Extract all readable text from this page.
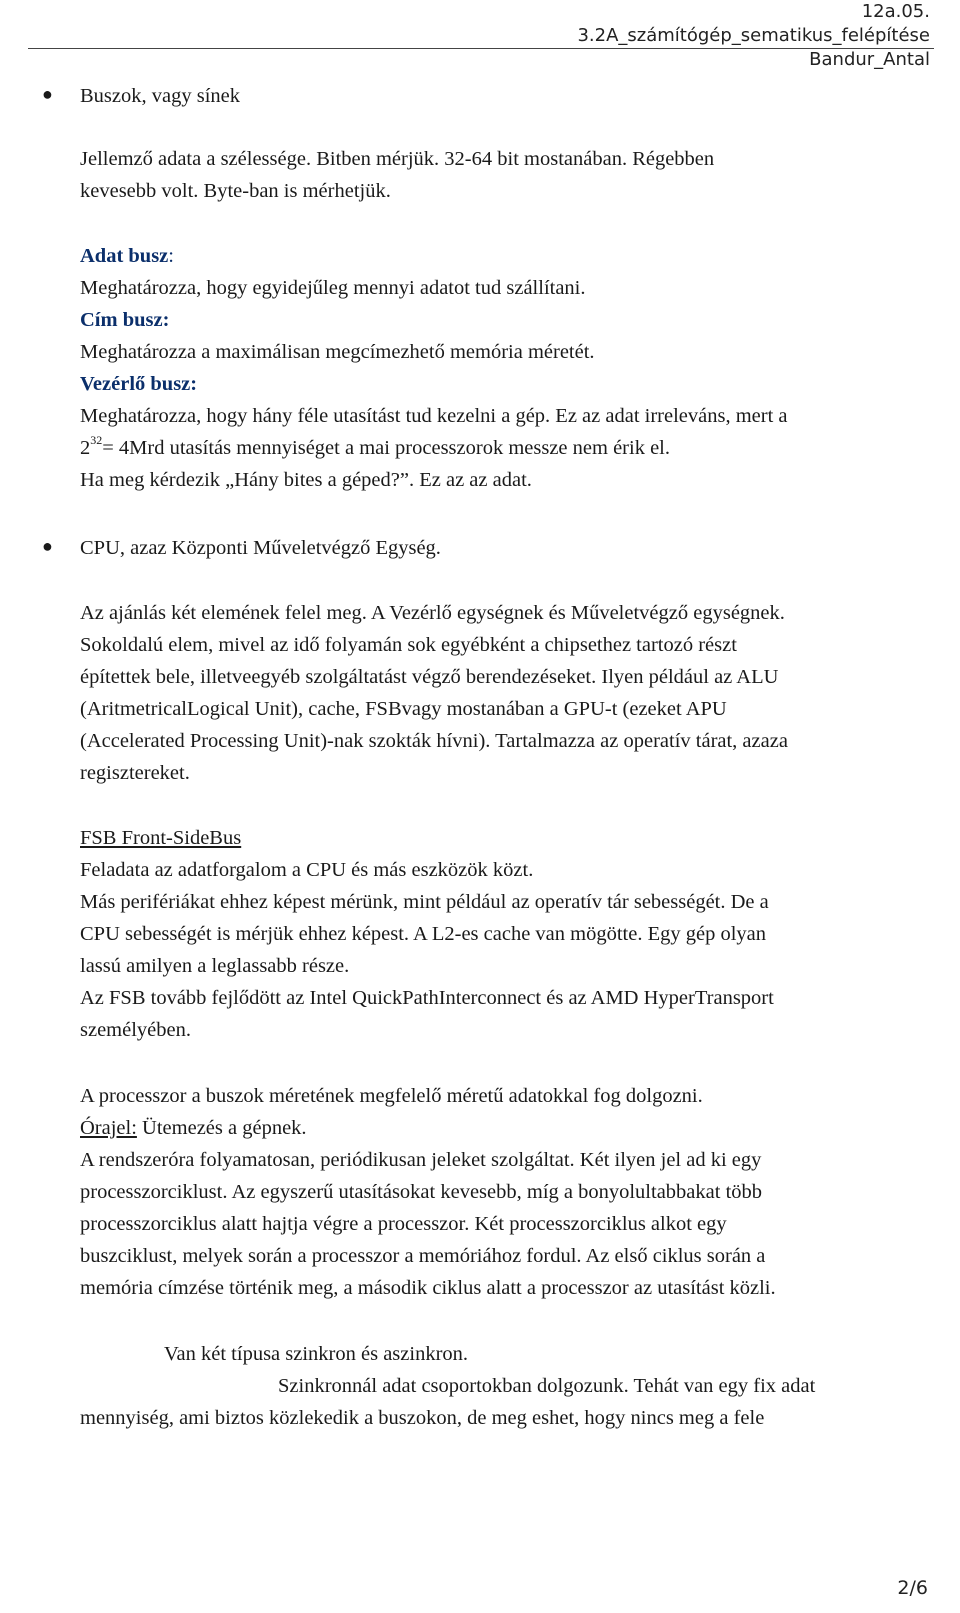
12a.05.
3.2A_számítógép_sematikus_felépítése
Bandur_Antal
● Buszok, vagy sínek
Jellemző adata a szélessége. Bitben mérjük. 32-64 bit mostanában. Régebben
kevesebb volt. Byte-ban is mérhetjük.
Adat busz:
Meghatározza, hogy egyidejűleg mennyi adatot tud szállítani.
Cím busz:
Meghatározza a maximálisan megcímezhető memória méretét.
Vezérlő busz:
Meghatározza, hogy hány féle utasítást tud kezelni a gép. Ez az adat irreleváns, mert a
$2^{32}= 4Mrd$ utasítás mennyiséget a mai processzorok messze nem érik el.
Ha meg kérdezik „Hány bites a géped?”. Ez az az adat.
● CPU, azaz Központi Műveletvégző Egység.
Az ajánlás két elemének felel meg. A Vezérlő egységnek és Műveletvégző egységnek.
Sokoldalú elem, mivel az idő folyamán sok egyébként a chipsethez tartozó részt
építettek bele, illetveegyéb szolgáltatást végző berendezéseket. Ilyen például az ALU
(AritmetricalLogical Unit), cache, FSBvagy mostanában a GPU-t (ezeket APU
(Accelerated Processing Unit)-nak szokták hívni). Tartalmazza az operatív tárat, azaza
regisztereket.
FSB Front-SideBus
Feladata az adatforgalom a CPU és más eszközök közt.
Más perifériákat ehhez képest mérünk, mint például az operatív tár sebességét. De a
CPU sebességét is mérjük ehhez képest. A L2-es cache van mögötte. Egy gép olyan
lassú amilyen a leglassabb része.
Az FSB tovább fejlődött az Intel QuickPathInterconnect és az AMD HyperTransport
személyében.
A processzor a buszok méretének megfelelő méretű adatokkal fog dolgozni.
Órajel: Ütemezés a gépnek.
A rendszeróra folyamatosan, periódikusan jeleket szolgáltat. Két ilyen jel ad ki egy
processzorciklust. Az egyszerű utasításokat kevesebb, míg a bonyolultabbakat több
processzorciklus alatt hajtja végre a processzor. Két processzorciklus alkot egy
buszciklust, melyek során a processzor a memóriához fordul. Az első ciklus során a
memória címzése történik meg, a második ciklus alatt a processzor az utasítást közli.
Van két típusa szinkron és aszinkron.
Szinkronnál adat csoportokban dolgozunk. Tehát van egy fix adat
mennyiség, ami biztos közlekedik a buszokon, de meg eshet, hogy nincs meg a fele
2/6
